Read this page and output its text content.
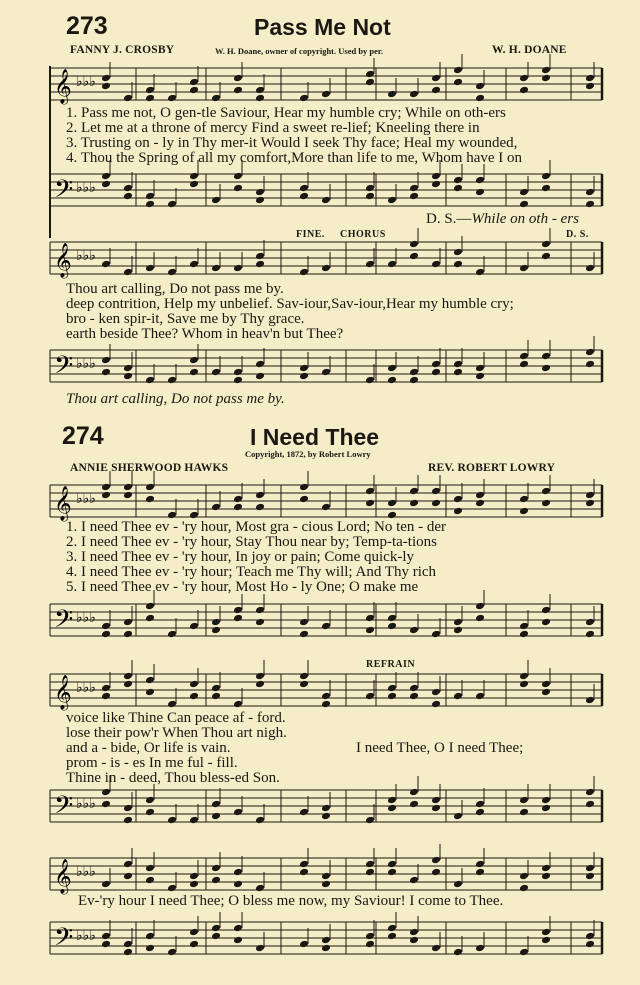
273	Pass Me Not
FANNY J. CROSBY	W. H. Doane, owner of copyright. Used by per.	W. H. DOANE
𝄞 ♭♭♭
1. Pass me not, O gen-tle Saviour, Hear my humble cry; While on oth-ers
2. Let me at a throne of mercy Find a sweet re-lief; Kneeling there in
3. Trusting on - ly in Thy mer-it Would I seek Thy face; Heal my wounded,
4. Thou the Spring of all my comfort,More than life to me, Whom have I on
𝄢 ♭♭♭
D. S.—While on oth - ers
FINE. CHORUS	D. S.
𝄞 ♭♭♭
Thou art calling, Do not pass me by.
deep contrition, Help my unbelief. Sav-iour,Sav-iour,Hear my humble cry;
bro - ken spir-it, Save me by Thy grace.
earth beside Thee? Whom in heav'n but Thee?
𝄢 ♭♭♭
Thou art calling, Do not pass me by.
274	I Need Thee
Copyright, 1872, by Robert Lowry
ANNIE SHERWOOD HAWKS	REV. ROBERT LOWRY
𝄞 ♭♭♭
1. I need Thee ev - 'ry hour, Most gra - cious Lord; No ten - der
2. I need Thee ev - 'ry hour, Stay Thou near by; Temp-ta-tions
3. I need Thee ev - 'ry hour, In joy or pain; Come quick-ly
4. I need Thee ev - 'ry hour; Teach me Thy will; And Thy rich
5. I need Thee ev - 'ry hour, Most Ho - ly One; O make me
𝄢 ♭♭♭
REFRAIN
𝄞 ♭♭♭
voice like Thine Can peace af - ford.
lose their pow'r When Thou art nigh.
and a - bide, Or life is vain.
prom - is - es In me ful - fill.
Thine in - deed, Thou bless-ed Son.
I need Thee, O I need Thee;
𝄢 ♭♭♭
𝄞 ♭♭♭
Ev-'ry hour I need Thee; O bless me now, my Saviour! I come to Thee.
𝄢 ♭♭♭
